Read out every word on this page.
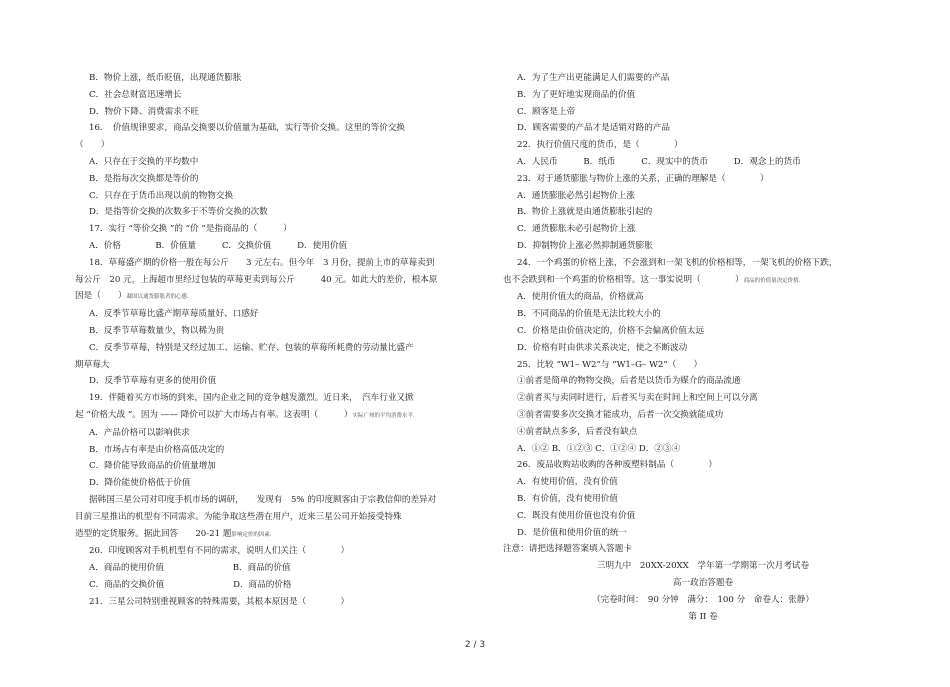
B．物价上涨，纸币贬值，出现通货膨胀
C．社会总财富迅速增长
D．物价下降、消费需求不旺
16．　价值规律要求，商品交换要以价值量为基础，实行等价交换。这里的等价交换
（　　）
A．只存在于交换的平均数中
B．是指每次交换都是等价的
C．只存在于货币出现以前的物物交换
D．是指等价交换的次数多于不等价交换的次数
17．实行 “等价交换 ”的 “价 ”是指商品的（　　　）
A．价格　　　　B．价值量　　　C．交换价值　　　D．使用价值
18．草莓盛产期的价格一般在每公斤　　3 元左右。但今年　3 月份，提前上市的草莓卖到
每公斤　20 元，上海超市里经过包装的草莓更卖到每公斤　　　40 元。如此大的差价，根本原
因是（　　）凝固以通货膨胀者的心態.
A．反季节草莓比盛产期草莓质量好、口感好
B．反季节草莓数量少，物以稀为贵
C．反季节草莓，特别是又经过加工、运输、贮存、包装的草莓所耗费的劳动量比盛产
期草莓大
D．反季节草莓有更多的使用价值
19．伴随着买方市场的到来，国内企业之间的竞争越发激烈。近日来，　汽车行业又掀
起 “价格大战 ”。因为 —— 降价可以扩大市场占有率。这表明（　　　）实际广州的平均消费水平.
A．产品价格可以影响供求
B．市场占有率是由价格高低决定的
C．降价能导致商品的价值量增加
D．降价能使价格低于价值
据韩国三星公司对印度手机市场的调研，　　发现有　5% 的印度顾客由于宗教信仰的差异对
目前三星推出的机型有不同需求。为能争取这些潜在用户，近来三星公司开始接受特殊
造型的定货服务。据此回答　　20-21 题影响定价的因素.
20．印度顾客对手机机型有不同的需求，说明人们关注（　　　　）
A．商品的使用价值　　　　　　　　B．商品的价值
C．商品的交换价值　　　　　　　　D．商品的价格
21．三星公司特别重视顾客的特殊需要，其根本原因是（　　　　）
A．为了生产出更能满足人们需要的产品
B．为了更好地实现商品的价值
C．顾客是上帝
D．顾客需要的产品才是适销对路的产品
22．执行价值尺度的货币，是（　　　　）
A．人民币　　　B．纸币　　　C．现实中的货币　　　D．观念上的货币
23．对于通货膨胀与物价上涨的关系，正确的理解是（　　　　）
A．通货膨胀必然引起物价上涨
B．物价上涨就是由通货膨胀引起的
C．通货膨胀未必引起物价上涨
D．抑制物价上涨必然抑制通货膨胀
24．一个鸡蛋的价格上涨，不会涨到和一架飞机的价格相等，一架飞机的价格下跌，
也不会跌到和一个鸡蛋的价格相等。这一事实说明（　　　　）商品的价值量决定价格.
A．使用价值大的商品，价格就高
B．不同商品的价值是无法比较大小的
C．价格是由价值决定的，价格不会偏离价值太远
D．价格有时由供求关系决定，使之不断波动
25．比较 “W1– W2”与 “W1–G– W2”（　　）
①前者是简单的物物交换，后者是以货币为媒介的商品流通
②前者买与卖同时进行，后者买与卖在时间上和空间上可以分离
③前者需要多次交换才能成功，后者一次交换就能成功
④前者缺点多多，后者没有缺点
A．①② B．①②③ C．①②④ D．②③④
26．废品收购站收购的各种废塑料制品（　　　　）
A．有使用价值，没有价值
B．有价值，没有使用价值
C．既没有使用价值也没有价值
D．是价值和使用价值的统一
注意：请把选择题答案填入答题卡
三明九中　20XX-20XX　学年第一学期第一次月考试卷
高一政治答题卷
（完卷时间：　90 分钟　满分：　100 分　命卷人：张静）
第 II 卷
2 / 3
